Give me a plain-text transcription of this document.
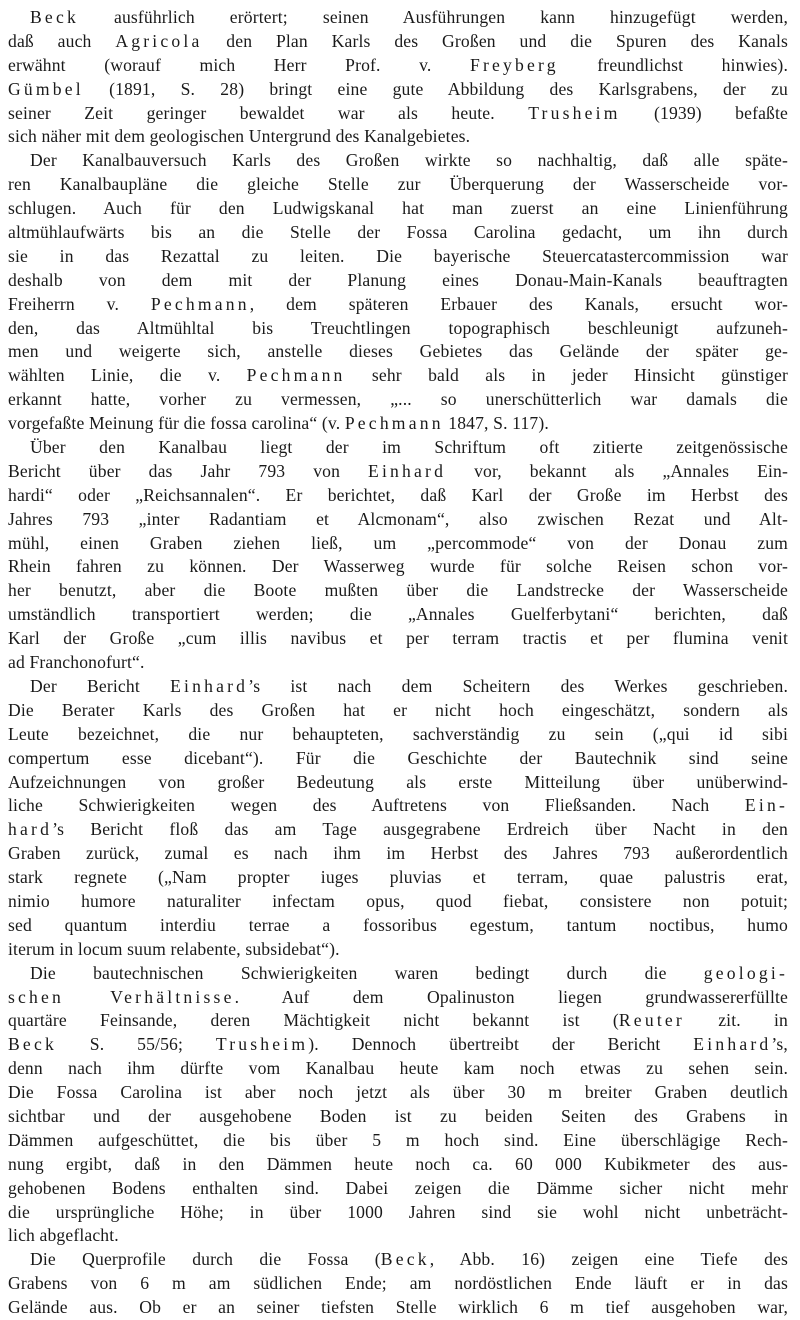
Beck ausführlich erörtert; seinen Ausführungen kann hinzugefügt werden,
daß auch Agricola den Plan Karls des Großen und die Spuren des Kanals
erwähnt (worauf mich Herr Prof. v. Freyberg freundlichst hinwies).
Gümbel (1891, S. 28) bringt eine gute Abbildung des Karlsgrabens, der zu
seiner Zeit geringer bewaldet war als heute. Trusheim (1939) befaßte
sich näher mit dem geologischen Untergrund des Kanalgebietes.
Der Kanalbauversuch Karls des Großen wirkte so nachhaltig, daß alle späte-
ren Kanalbaupläne die gleiche Stelle zur Überquerung der Wasserscheide vor-
schlugen. Auch für den Ludwigskanal hat man zuerst an eine Linienführung
altmühlaufwärts bis an die Stelle der Fossa Carolina gedacht, um ihn durch
sie in das Rezattal zu leiten. Die bayerische Steuercatastercommission war
deshalb von dem mit der Planung eines Donau-Main-Kanals beauftragten
Freiherrn v. Pechmann, dem späteren Erbauer des Kanals, ersucht wor-
den, das Altmühltal bis Treuchtlingen topographisch beschleunigt aufzuneh-
men und weigerte sich, anstelle dieses Gebietes das Gelände der später ge-
wählten Linie, die v. Pechmann sehr bald als in jeder Hinsicht günstiger
erkannt hatte, vorher zu vermessen, „... so unerschütterlich war damals die
vorgefaßte Meinung für die fossa carolina“ (v. Pechmann 1847, S. 117).
Über den Kanalbau liegt der im Schriftum oft zitierte zeitgenössische
Bericht über das Jahr 793 von Einhard vor, bekannt als „Annales Ein-
hardi“ oder „Reichsannalen“. Er berichtet, daß Karl der Große im Herbst des
Jahres 793 „inter Radantiam et Alcmonam“, also zwischen Rezat und Alt-
mühl, einen Graben ziehen ließ, um „percommode“ von der Donau zum
Rhein fahren zu können. Der Wasserweg wurde für solche Reisen schon vor-
her benutzt, aber die Boote mußten über die Landstrecke der Wasserscheide
umständlich transportiert werden; die „Annales Guelferbytani“ berichten, daß
Karl der Große „cum illis navibus et per terram tractis et per flumina venit
ad Franchonofurt“.
Der Bericht Einhard’s ist nach dem Scheitern des Werkes geschrieben.
Die Berater Karls des Großen hat er nicht hoch eingeschätzt, sondern als
Leute bezeichnet, die nur behaupteten, sachverständig zu sein („qui id sibi
compertum esse dicebant“). Für die Geschichte der Bautechnik sind seine
Aufzeichnungen von großer Bedeutung als erste Mitteilung über unüberwind-
liche Schwierigkeiten wegen des Auftretens von Fließsanden. Nach Ein-
hard’s Bericht floß das am Tage ausgegrabene Erdreich über Nacht in den
Graben zurück, zumal es nach ihm im Herbst des Jahres 793 außerordentlich
stark regnete („Nam propter iuges pluvias et terram, quae palustris erat,
nimio humore naturaliter infectam opus, quod fiebat, consistere non potuit;
sed quantum interdiu terrae a fossoribus egestum, tantum noctibus, humo
iterum in locum suum relabente, subsidebat“).
Die bautechnischen Schwierigkeiten waren bedingt durch die geologi-
schen Verhältnisse. Auf dem Opalinuston liegen grundwassererfüllte
quartäre Feinsande, deren Mächtigkeit nicht bekannt ist (Reuter zit. in
Beck S. 55/56; Trusheim). Dennoch übertreibt der Bericht Einhard’s,
denn nach ihm dürfte vom Kanalbau heute kam noch etwas zu sehen sein.
Die Fossa Carolina ist aber noch jetzt als über 30 m breiter Graben deutlich
sichtbar und der ausgehobene Boden ist zu beiden Seiten des Grabens in
Dämmen aufgeschüttet, die bis über 5 m hoch sind. Eine überschlägige Rech-
nung ergibt, daß in den Dämmen heute noch ca. 60 000 Kubikmeter des aus-
gehobenen Bodens enthalten sind. Dabei zeigen die Dämme sicher nicht mehr
die ursprüngliche Höhe; in über 1000 Jahren sind sie wohl nicht unbeträcht-
lich abgeflacht.
Die Querprofile durch die Fossa (Beck, Abb. 16) zeigen eine Tiefe des
Grabens von 6 m am südlichen Ende; am nordöstlichen Ende läuft er in das
Gelände aus. Ob er an seiner tiefsten Stelle wirklich 6 m tief ausgehoben war,
